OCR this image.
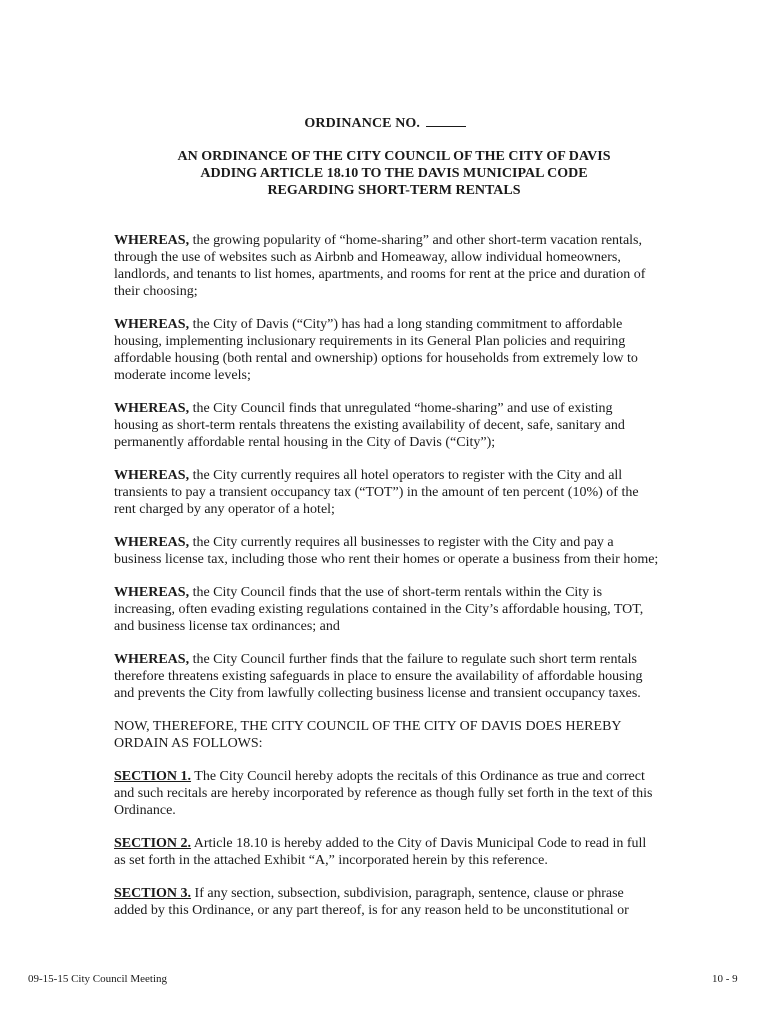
ORDINANCE NO.
AN ORDINANCE OF THE CITY COUNCIL OF THE CITY OF DAVIS
ADDING ARTICLE 18.10 TO THE DAVIS MUNICIPAL CODE
REGARDING SHORT-TERM RENTALS

WHEREAS, the growing popularity of “home-sharing” and other short-term vacation rentals,
through the use of websites such as Airbnb and Homeaway, allow individual homeowners,
landlords, and tenants to list homes, apartments, and rooms for rent at the price and duration of
their choosing;

WHEREAS, the City of Davis (“City”) has had a long standing commitment to affordable
housing, implementing inclusionary requirements in its General Plan policies and requiring
affordable housing (both rental and ownership) options for households from extremely low to
moderate income levels;

WHEREAS, the City Council finds that unregulated “home-sharing” and use of existing
housing as short-term rentals threatens the existing availability of decent, safe, sanitary and
permanently affordable rental housing in the City of Davis (“City”);

WHEREAS, the City currently requires all hotel operators to register with the City and all
transients to pay a transient occupancy tax (“TOT”) in the amount of ten percent (10%) of the
rent charged by any operator of a hotel;

WHEREAS, the City currently requires all businesses to register with the City and pay a
business license tax, including those who rent their homes or operate a business from their home;

WHEREAS, the City Council finds that the use of short-term rentals within the City is
increasing, often evading existing regulations contained in the City’s affordable housing, TOT,
and business license tax ordinances; and

WHEREAS, the City Council further finds that the failure to regulate such short term rentals
therefore threatens existing safeguards in place to ensure the availability of affordable housing
and prevents the City from lawfully collecting business license and transient occupancy taxes.

NOW, THEREFORE, THE CITY COUNCIL OF THE CITY OF DAVIS DOES HEREBY
ORDAIN AS FOLLOWS:

SECTION 1. The City Council hereby adopts the recitals of this Ordinance as true and correct
and such recitals are hereby incorporated by reference as though fully set forth in the text of this
Ordinance.

SECTION 2. Article 18.10 is hereby added to the City of Davis Municipal Code to read in full
as set forth in the attached Exhibit “A,” incorporated herein by this reference.

SECTION 3. If any section, subsection, subdivision, paragraph, sentence, clause or phrase
added by this Ordinance, or any part thereof, is for any reason held to be unconstitutional or

09-15-15 City Council Meeting	10 - 9
